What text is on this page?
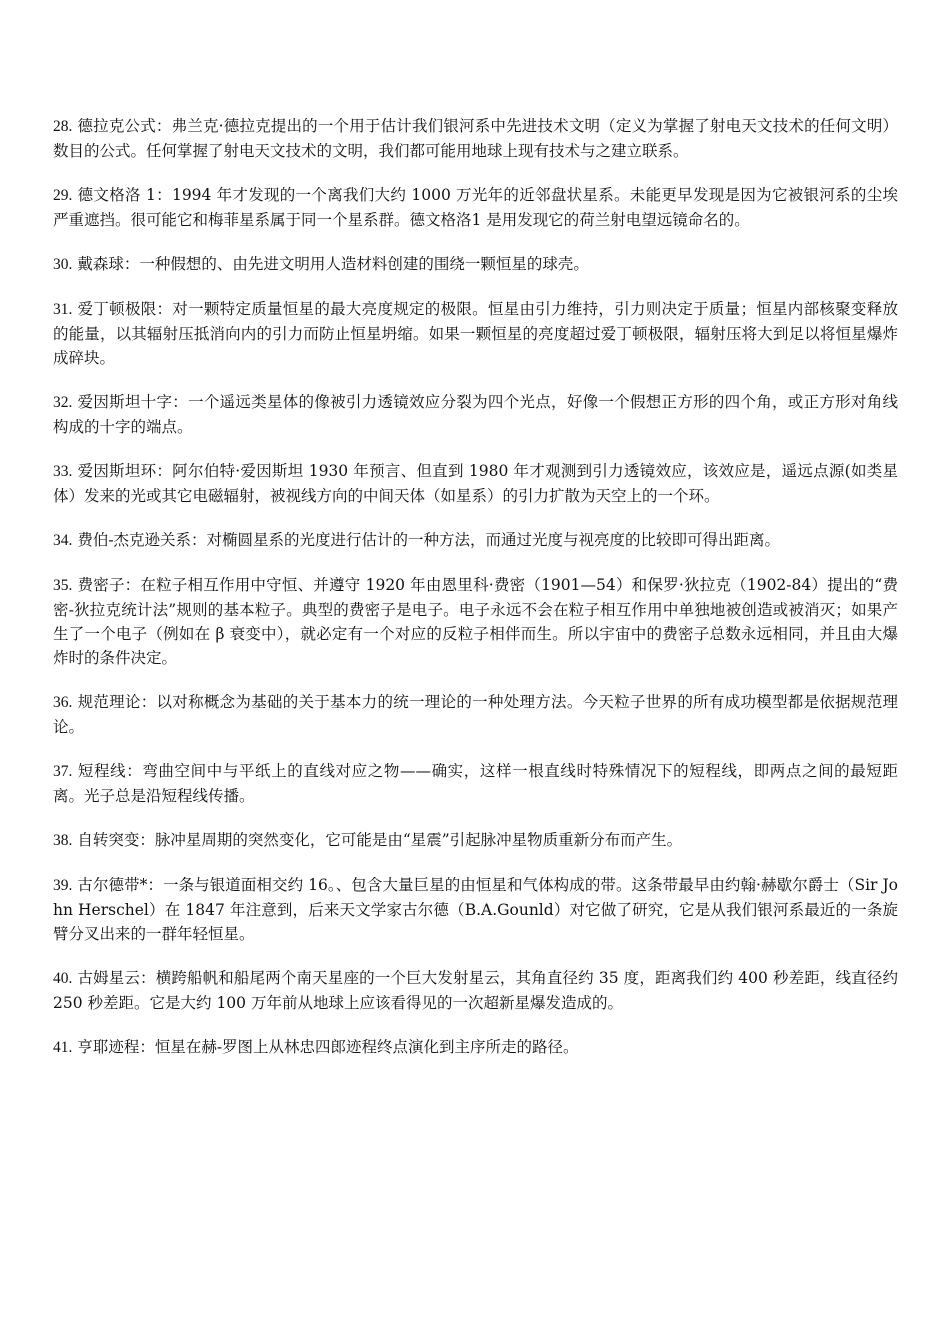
28. 德拉克公式：弗兰克·德拉克提出的一个用于估计我们银河系中先进技术文明（定义为掌握了射电天文技术的任何文明）数目的公式。任何掌握了射电天文技术的文明，我们都可能用地球上现有技术与之建立联系。

29. 德文格洛 1：1994 年才发现的一个离我们大约 1000 万光年的近邻盘状星系。未能更早发现是因为它被银河系的尘埃严重遮挡。很可能它和梅菲星系属于同一个星系群。德文格洛1 是用发现它的荷兰射电望远镜命名的。

30. 戴森球：一种假想的、由先进文明用人造材料创建的围绕一颗恒星的球壳。

31. 爱丁顿极限：对一颗特定质量恒星的最大亮度规定的极限。恒星由引力维持，引力则决定于质量；恒星内部核聚变释放的能量，以其辐射压抵消向内的引力而防止恒星坍缩。如果一颗恒星的亮度超过爱丁顿极限，辐射压将大到足以将恒星爆炸成碎块。

32. 爱因斯坦十字：一个遥远类星体的像被引力透镜效应分裂为四个光点，好像一个假想正方形的四个角，或正方形对角线构成的十字的端点。

33. 爱因斯坦环：阿尔伯特·爱因斯坦 1930 年预言、但直到 1980 年才观测到引力透镜效应，该效应是，遥远点源(如类星体）发来的光或其它电磁辐射，被视线方向的中间天体（如星系）的引力扩散为天空上的一个环。

34. 费伯-杰克逊关系：对椭圆星系的光度进行估计的一种方法，而通过光度与视亮度的比较即可得出距离。

35. 费密子：在粒子相互作用中守恒、并遵守 1920 年由恩里科·费密（1901—54）和保罗·狄拉克（1902-84）提出的“费密-狄拉克统计法”规则的基本粒子。典型的费密子是电子。电子永远不会在粒子相互作用中单独地被创造或被消灭；如果产生了一个电子（例如在 β 衰变中），就必定有一个对应的反粒子相伴而生。所以宇宙中的费密子总数永远相同，并且由大爆炸时的条件决定。

36. 规范理论：以对称概念为基础的关于基本力的统一理论的一种处理方法。今天粒子世界的所有成功模型都是依据规范理论。

37. 短程线：弯曲空间中与平纸上的直线对应之物——确实，这样一根直线时特殊情况下的短程线，即两点之间的最短距离。光子总是沿短程线传播。

38. 自转突变：脉冲星周期的突然变化，它可能是由“星震”引起脉冲星物质重新分布而产生。

39. 古尔德带*：一条与银道面相交约 16。、包含大量巨星的由恒星和气体构成的带。这条带最早由约翰·赫歇尔爵士（Sir John Herschel）在 1847 年注意到，后来天文学家古尔德（B.A.Gounld）对它做了研究，它是从我们银河系最近的一条旋臂分叉出来的一群年轻恒星。

40. 古姆星云：横跨船帆和船尾两个南天星座的一个巨大发射星云，其角直径约 35 度，距离我们约 400 秒差距，线直径约 250 秒差距。它是大约 100 万年前从地球上应该看得见的一次超新星爆发造成的。

41. 亨耶迹程：恒星在赫-罗图上从林忠四郎迹程终点演化到主序所走的路径。
